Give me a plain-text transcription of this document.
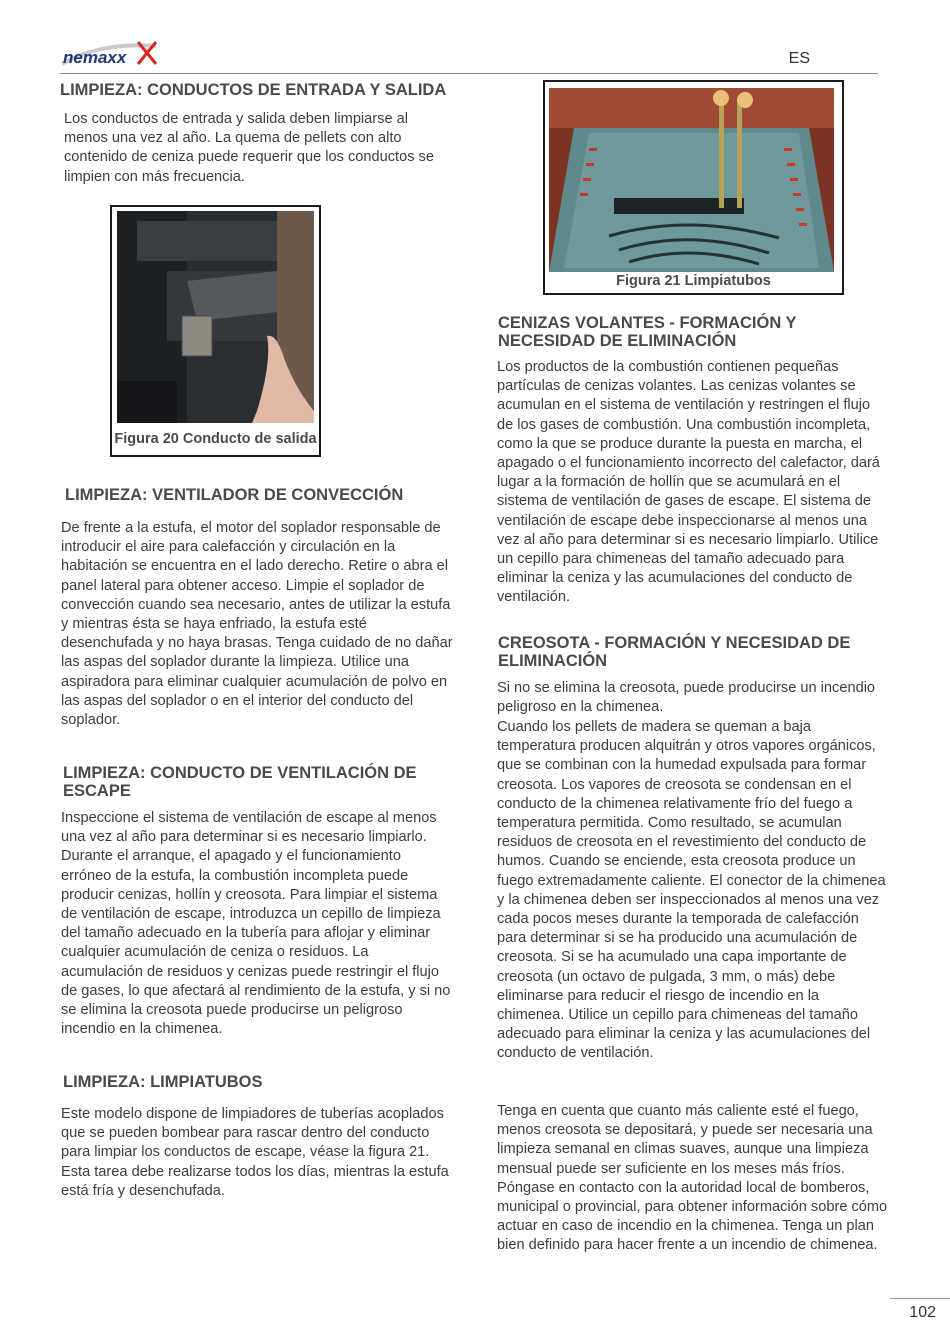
nemaxx	ES
LIMPIEZA: CONDUCTOS DE ENTRADA Y SALIDA

Los conductos de entrada y salida deben limpiarse al menos una vez al año. La quema de pellets con alto contenido de ceniza puede requerir que los conductos se limpien con más frecuencia.

Figura 20 Conducto de salida
LIMPIEZA: VENTILADOR DE CONVECCIÓN

De frente a la estufa, el motor del soplador responsable de introducir el aire para calefacción y circulación en la habitación se encuentra en el lado derecho. Retire o abra el panel lateral para obtener acceso. Limpie el soplador de convección cuando sea necesario, antes de utilizar la estufa y mientras ésta se haya enfriado, la estufa esté desenchufada y no haya brasas. Tenga cuidado de no dañar las aspas del soplador durante la limpieza. Utilice una aspiradora para eliminar cualquier acumulación de polvo en las aspas del soplador o en el interior del conducto del soplador.

LIMPIEZA: CONDUCTO DE VENTILACIÓN DE ESCAPE

Inspeccione el sistema de ventilación de escape al menos una vez al año para determinar si es necesario limpiarlo. Durante el arranque, el apagado y el funcionamiento erróneo de la estufa, la combustión incompleta puede producir cenizas, hollín y creosota. Para limpiar el sistema de ventilación de escape, introduzca un cepillo de limpieza del tamaño adecuado en la tubería para aflojar y eliminar cualquier acumulación de ceniza o residuos. La acumulación de residuos y cenizas puede restringir el flujo de gases, lo que afectará al rendimiento de la estufa, y si no se elimina la creosota puede producirse un peligroso incendio en la chimenea.

LIMPIEZA: LIMPIATUBOS

Este modelo dispone de limpiadores de tuberías acoplados que se pueden bombear para rascar dentro del conducto para limpiar los conductos de escape, véase la figura 21. Esta tarea debe realizarse todos los días, mientras la estufa está fría y desenchufada.

Figura 21 Limpiatubos
CENIZAS VOLANTES - FORMACIÓN Y NECESIDAD DE ELIMINACIÓN

Los productos de la combustión contienen pequeñas partículas de cenizas volantes. Las cenizas volantes se acumulan en el sistema de ventilación y restringen el flujo de los gases de combustión. Una combustión incompleta, como la que se produce durante la puesta en marcha, el apagado o el funcionamiento incorrecto del calefactor, dará lugar a la formación de hollín que se acumulará en el sistema de ventilación de gases de escape. El sistema de ventilación de escape debe inspeccionarse al menos una vez al año para determinar si es necesario limpiarlo. Utilice un cepillo para chimeneas del tamaño adecuado para eliminar la ceniza y las acumulaciones del conducto de ventilación.

CREOSOTA - FORMACIÓN Y NECESIDAD DE ELIMINACIÓN

Si no se elimina la creosota, puede producirse un incendio peligroso en la chimenea.

Cuando los pellets de madera se queman a baja temperatura producen alquitrán y otros vapores orgánicos, que se combinan con la humedad expulsada para formar creosota. Los vapores de creosota se condensan en el conducto de la chimenea relativamente frío del fuego a temperatura permitida. Como resultado, se acumulan residuos de creosota en el revestimiento del conducto de humos. Cuando se enciende, esta creosota produce un fuego extremadamente caliente. El conector de la chimenea y la chimenea deben ser inspeccionados al menos una vez cada pocos meses durante la temporada de calefacción para determinar si se ha producido una acumulación de creosota. Si se ha acumulado una capa importante de creosota (un octavo de pulgada, 3 mm, o más) debe eliminarse para reducir el riesgo de incendio en la chimenea. Utilice un cepillo para chimeneas del tamaño adecuado para eliminar la ceniza y las acumulaciones del conducto de ventilación.

Tenga en cuenta que cuanto más caliente esté el fuego, menos creosota se depositará, y puede ser necesaria una limpieza semanal en climas suaves, aunque una limpieza mensual puede ser suficiente en los meses más fríos. Póngase en contacto con la autoridad local de bomberos, municipal o provincial, para obtener información sobre cómo actuar en caso de incendio en la chimenea. Tenga un plan bien definido para hacer frente a un incendio de chimenea.

102
